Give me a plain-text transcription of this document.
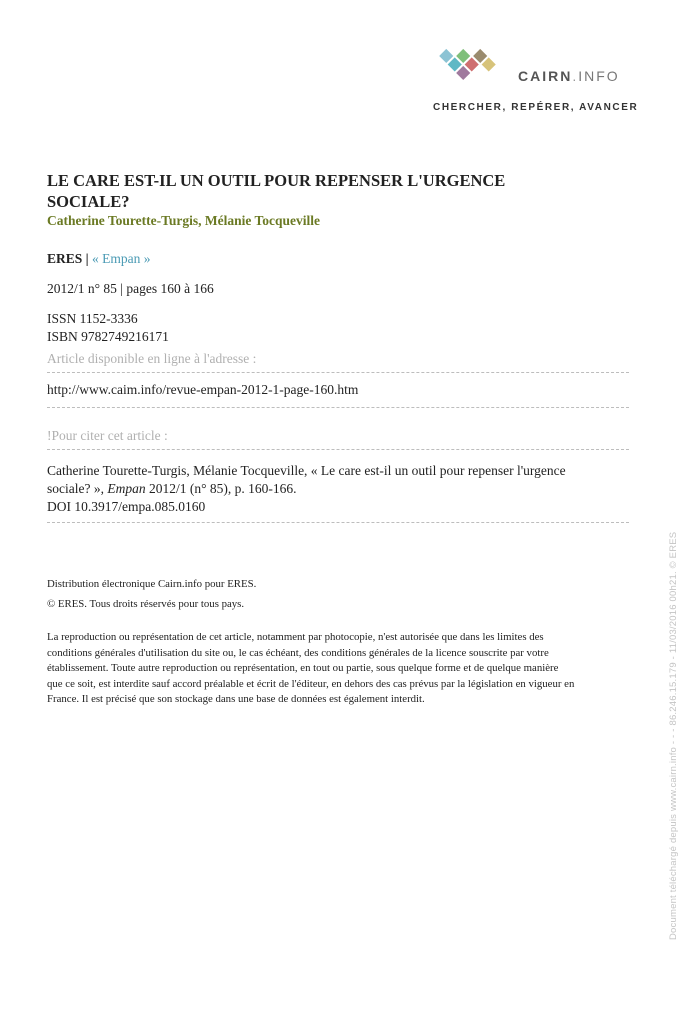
CAIRN.INFO
CHERCHER, REPÉRER, AVANCER
LE CARE EST-IL UN OUTIL POUR REPENSER L'URGENCE
SOCIALE?
Catherine Tourette-Turgis, Mélanie Tocqueville
ERES | « Empan »
2012/1 n° 85 | pages 160 à 166
ISSN 1152-3336
ISBN 9782749216171
Article disponible en ligne à l'adresse :
http://www.caim.info/revue-empan-2012-1-page-160.htm
!Pour citer cet article :
Catherine Tourette-Turgis, Mélanie Tocqueville, « Le care est-il un outil pour repenser l'urgence
sociale? », Empan 2012/1 (n° 85), p. 160-166.
DOI 10.3917/empa.085.0160
Distribution électronique Cairn.info pour ERES.
© ERES. Tous droits réservés pour tous pays.
La reproduction ou représentation de cet article, notamment par photocopie, n'est autorisée que dans les limites des
conditions générales d'utilisation du site ou, le cas échéant, des conditions générales de la licence souscrite par votre
établissement. Toute autre reproduction ou représentation, en tout ou partie, sous quelque forme et de quelque manière
que ce soit, est interdite sauf accord préalable et écrit de l'éditeur, en dehors des cas prévus par la législation en vigueur en
France. Il est précisé que son stockage dans une base de données est également interdit.	Document téléchargé depuis www.cairn.info - - - 86.246.15.179 - 11/03/2016 00h21. © ERES
